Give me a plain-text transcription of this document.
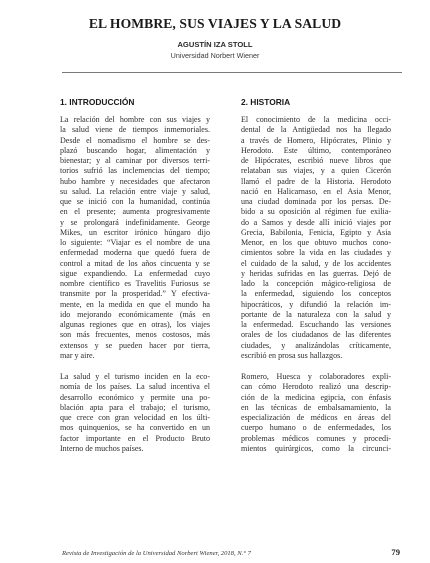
EL HOMBRE, SUS VIAJES Y LA SALUD
AGUSTÍN IZA STOLL
Universidad Norbert Wiener
1. INTRODUCCIÓN

La relación del hombre con sus viajes y
la salud viene de tiempos inmemoriales.
Desde el nomadismo el hombre se des-
plazó buscando hogar, alimentación y
bienestar; y al caminar por diversos terri-
torios sufrió las inclemencias del tiempo;
hubo hambre y necesidades que afectaron
su salud. La relación entre viaje y salud,
que se inició con la humanidad, continúa
en el presente; aumenta progresivamente
y se prolongará indefinidamente. George
Mikes, un escritor irónico húngaro dijo
lo siguiente: “Viajar es el nombre de una
enfermedad moderna que quedó fuera de
control a mitad de los años cincuenta y se
sigue expandiendo. La enfermedad cuyo
nombre científico es Travelitis Furiosus se
transmite por la prosperidad.” Y efectiva-
mente, en la medida en que el mundo ha
ido mejorando económicamente (más en
algunas regiones que en otras), los viajes
son más frecuentes, menos costosos, más
extensos y se pueden hacer por tierra,
mar y aire.

La salud y el turismo inciden en la eco-
nomía de los países. La salud incentiva el
desarrollo económico y permite una po-
blación apta para el trabajo; el turismo,
que crece con gran velocidad en los últi-
mos quinquenios, se ha convertido en un
factor importante en el Producto Bruto
Interno de muchos países.

2. HISTORIA

El conocimiento de la medicina occi-
dental de la Antigüedad nos ha llegado
a través de Homero, Hipócrates, Plinio y
Herodoto. Este último, contemporáneo
de Hipócrates, escribió nueve libros que
relataban sus viajes, y a quien Cicerón
llamó el padre de la Historia. Herodoto
nació en Halicarnaso, en el Asia Menor,
una ciudad dominada por los persas. De-
bido a su oposición al régimen fue exilia-
do a Samos y desde allí inició viajes por
Grecia, Babilonia, Fenicia, Egipto y Asia
Menor, en los que obtuvo muchos cono-
cimientos sobre la vida en las ciudades y
el cuidado de la salud, y de los accidentes
y heridas sufridas en las guerras. Dejó de
lado la concepción mágico-religiosa de
la enfermedad, siguiendo los conceptos
hipocráticos, y difundió la relación im-
portante de la naturaleza con la salud y
la enfermedad. Escuchando las versiones
orales de los ciudadanos de las diferentes
ciudades, y analizándolas críticamente,
escribió en prosa sus hallazgos.

Romero, Huesca y colaboradores expli-
can cómo Herodoto realizó una descrip-
ción de la medicina egipcia, con énfasis
en las técnicas de embalsamamiento, la
especialización de médicos en áreas del
cuerpo humano o de enfermedades, los
problemas médicos comunes y procedi-
mientos quirúrgicos, como la circunci-

Revista de Investigación de la Universidad Norbert Wiener, 2018, N.° 7	79
